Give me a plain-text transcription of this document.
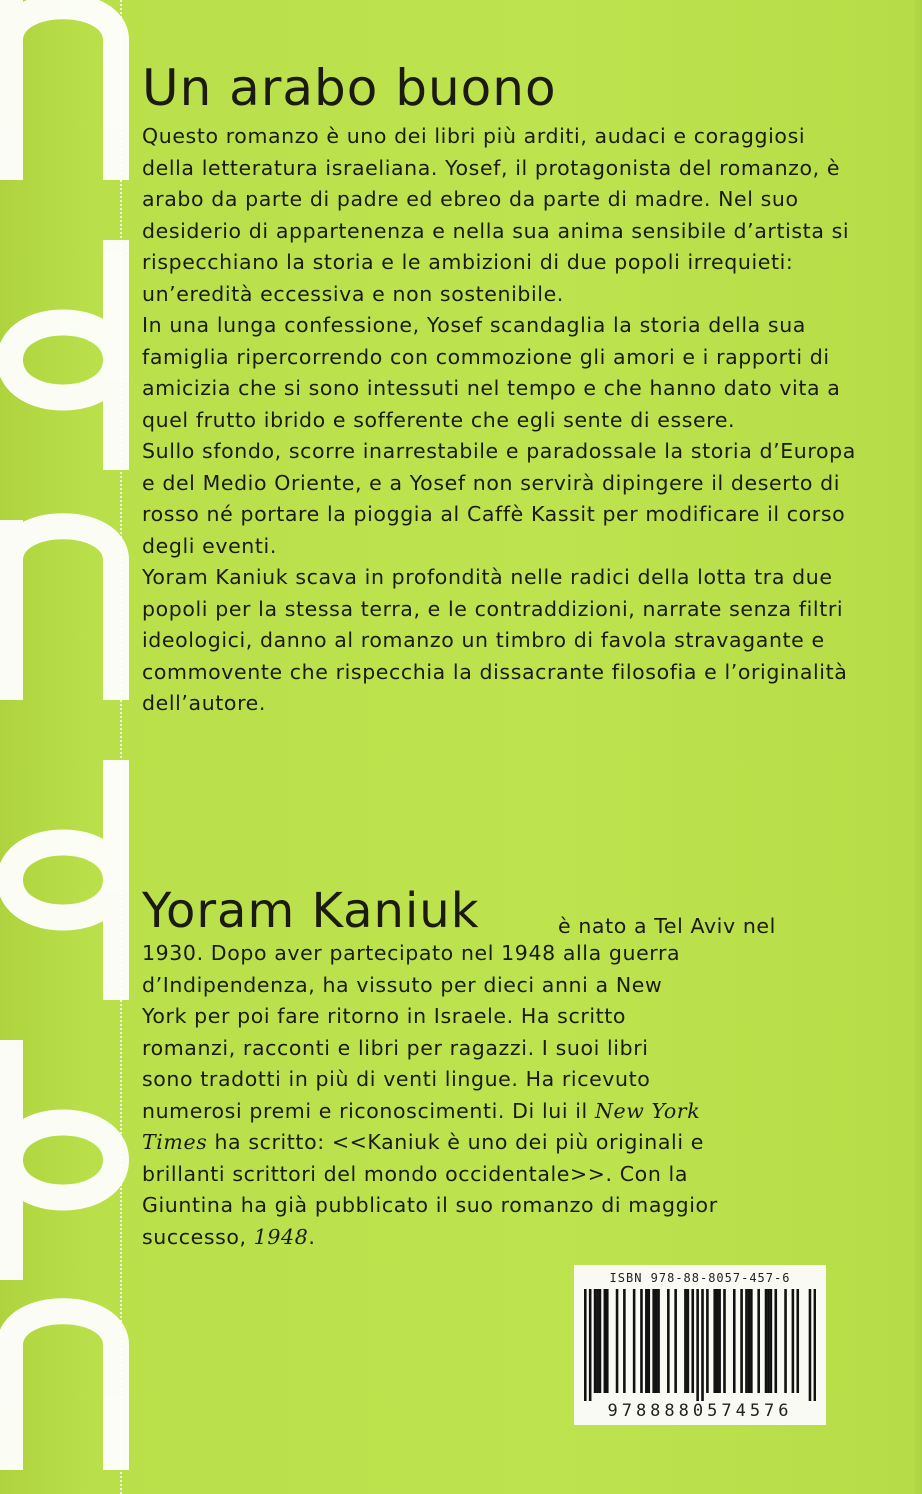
Un arabo buono

Questo romanzo è uno dei libri più arditi, audaci e coraggiosi della letteratura israeliana. Yosef, il protagonista del romanzo, è arabo da parte di padre ed ebreo da parte di madre. Nel suo desiderio di appartenenza e nella sua anima sensibile d’artista si rispecchiano la storia e le ambizioni di due popoli irrequieti: un’eredità eccessiva e non sostenibile.

In una lunga confessione, Yosef scandaglia la storia della sua famiglia ripercorrendo con commozione gli amori e i rapporti di amicizia che si sono intessuti nel tempo e che hanno dato vita a quel frutto ibrido e sofferente che egli sente di essere.

Sullo sfondo, scorre inarrestabile e paradossale la storia d’Europa e del Medio Oriente, e a Yosef non servirà dipingere il deserto di rosso né portare la pioggia al Caffè Kassit per modificare il corso degli eventi.

Yoram Kaniuk scava in profondità nelle radici della lotta tra due popoli per la stessa terra, e le contraddizioni, narrate senza filtri ideologici, danno al romanzo un timbro di favola stravagante e commovente che rispecchia la dissacrante filosofia e l’originalità dell’autore.

Yoram Kaniuk	è nato a Tel Aviv nel
1930. Dopo aver partecipato nel 1948 alla guerra
d’Indipendenza, ha vissuto per dieci anni a New
York per poi fare ritorno in Israele. Ha scritto
romanzi, racconti e libri per ragazzi. I suoi libri
sono tradotti in più di venti lingue. Ha ricevuto
numerosi premi e riconoscimenti. Di lui il New York
Times ha scritto: <<Kaniuk è uno dei più originali e
brillanti scrittori del mondo occidentale>>. Con la
Giuntina ha già pubblicato il suo romanzo di maggior
successo, 1948.
ISBN 978-88-8057-457-6
9788880574576
